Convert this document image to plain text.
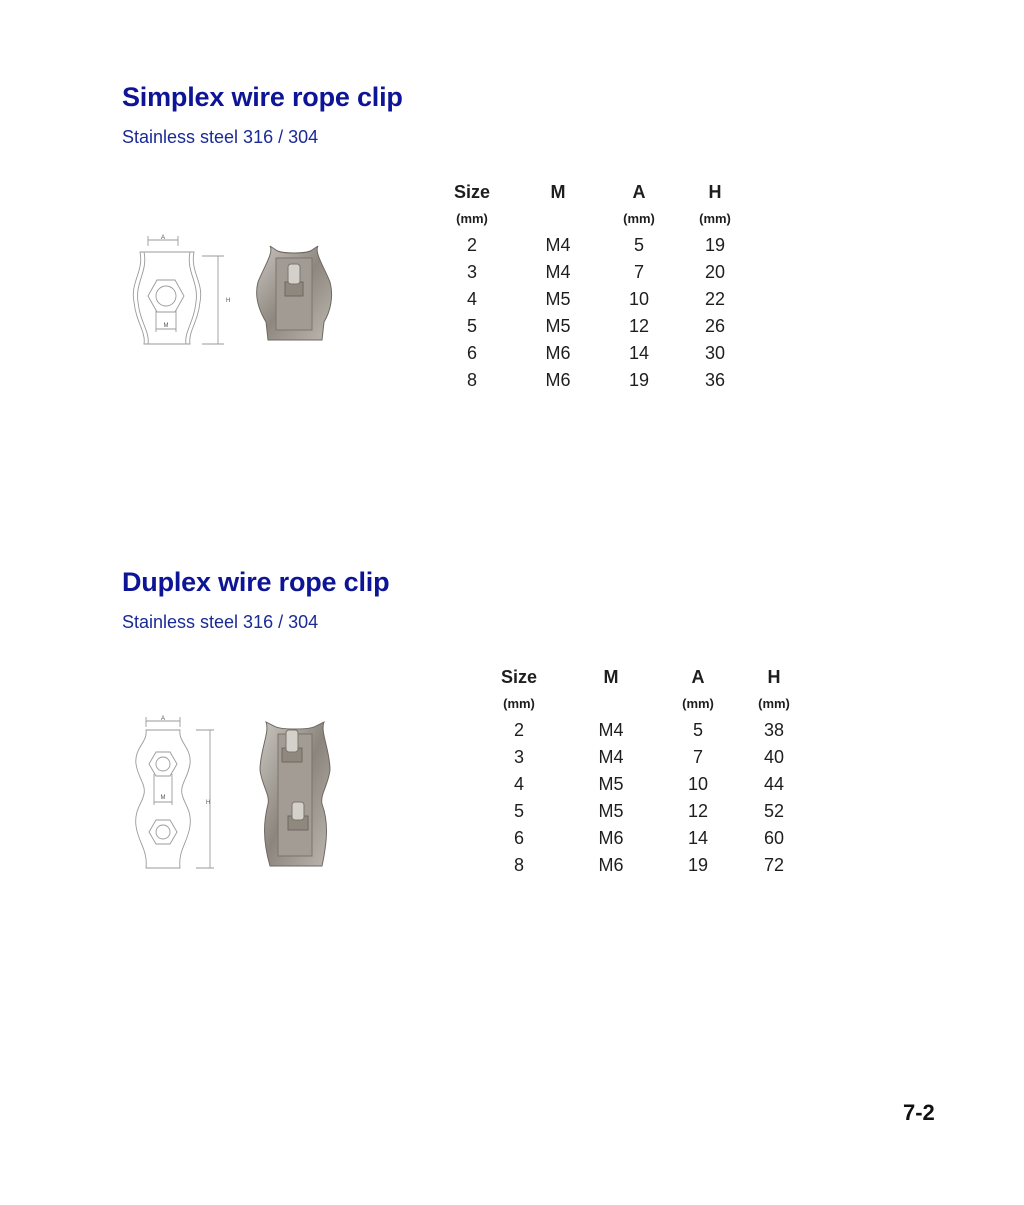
Simplex wire rope clip
Stainless steel 316 / 304
A
H
M
Size	M	A	H
(mm)		(mm)	(mm)
2	M4	5	19
3	M4	7	20
4	M5	10	22
5	M5	12	26
6	M6	14	30
8	M6	19	36
Duplex wire rope clip
Stainless steel 316 / 304
A
H
M
Size	M	A	H
(mm)		(mm)	(mm)
2	M4	5	38
3	M4	7	40
4	M5	10	44
5	M5	12	52
6	M6	14	60
8	M6	19	72
7-2
